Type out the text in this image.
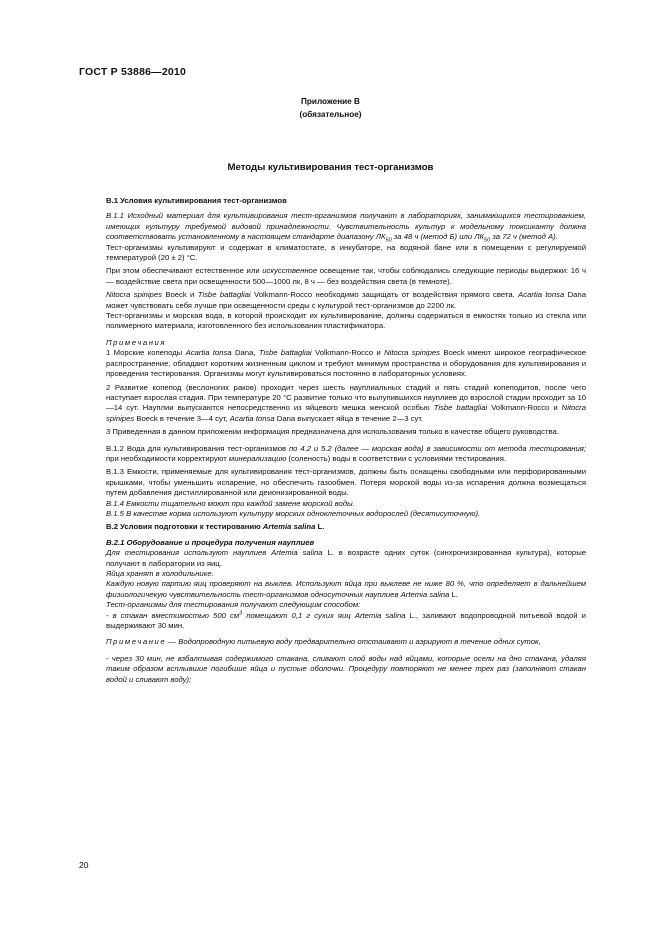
ГОСТ Р 53886—2010
Приложение В
(обязательное)
Методы культивирования тест-организмов

В.1 Условия культивирования тест-организмов

В.1.1 Исходный материал для культивирования тест-организмов получают в лабораториях, занимающихся тестированием, имеющих культуру требуемой видовой принадлежности. Чувствительность культур к модельному токсиканту должна соответствовать установленному в настоящем стандарте диапазону $ЛК_{50}$ за 48 ч (метод Б) или $ЛК_{50}$ за 72 ч (метод А).

Тест-организмы культивируют и содержат в климатостате, в инкубаторе, на водяной бане или в помещении с регулируемой температурой (20 ± 2) °С.

При этом обеспечивают естественное или искусственное освещение так, чтобы соблюдались следующие периоды выдержки: 16 ч — воздействие света при освещенности 500—1000 лк, 8 ч — без воздействия света (в темноте).

Nitocra spinipes Boeck и Tisbe battagliai Volkmann-Rocco необходимо защищать от воздействия прямого света. Acartia tonsa Dana может чувствовать себя лучше при освещенности среды с культурой тест-организмов до 2200 лк.

Тест-организмы и морская вода, в которой происходит их культивирование, должны содержаться в емкостях только из стекла или полимерного материала, изготовленного без использования пластификатора.

Примечания

1 Морские копеподы Acartia tonsa Dana, Tisbe battagliai Volkmann-Rocco и Nitocra spinipes Boeck имеют широкое географическое распространение, обладают коротким жизненным циклом и требуют минимум пространства и оборудования для культивирования и проведения тестирования. Организмы могут культивироваться постоянно в лабораторных условиях.

2 Развитие копепод (веслоногих раков) проходит через шесть науплиальных стадий и пять стадий копеподитов, после чего наступает взрослая стадия. При температуре 20 °С развитие только что вылупившихся науплиев до взрослой стадии проходит за 10—14 сут. Науплии выпускаются непосредственно из яйцевого мешка женской особью Tisbe battagliai Volkmann-Rocco и Nitocra spinipes Boeck в течение 3—4 сут, Acartia tonsa Dana выпускает яйца в течение 2—3 сут.

3 Приведенная в данном приложении информация предназначена для использования только в качестве общего руководства.

В.1.2 Вода для культивирования тест-организмов по 4.2 и 5.2 (далее — морская вода) в зависимости от метода тестирования; при необходимости корректируют минерализацию (соленость) воды в соответствии с условиями тестирования.

В.1.3 Емкости, применяемые для культивирования тест-организмов, должны быть оснащены свободными или перфорированными крышками, чтобы уменьшить испарение, но обеспечить газообмен. Потеря морской воды из-за испарения должна возмещаться путем добавления дистиллированной или деионизированной воды.

В.1.4 Емкости тщательно моют при каждой замене морской воды.

В.1.5 В качестве корма используют культуру морских одноклеточных водорослей (десятисуточную).

В.2 Условия подготовки к тестированию Artemia salina L.

В.2.1 Оборудование и процедура получения науплиев

Для тестирования используют науплиев Artemia salina L. в возрасте одних суток (синхронизированная культура), которые получают в лаборатории из яиц.

Яйца хранят в холодильнике.

Каждую новую партию яиц проверяют на выклев. Используют яйца при выклеве не ниже 80 %, что определяет в дальнейшем физиологичекую чувствительность тест-организмов односуточных науплиев Artemia salina L.

Тест-организмы для тестирования получают следующим способом:

- в стакан вместимостью 500 $см^3$ помещают 0,1 г сухих яиц Artemia salina L., заливают водопроводной питьевой водой и выдерживают 30 мин.

Примечание — Водопроводную питьевую воду предварительно отстаивают и аэрируют в течение одних суток,

- через 30 мин, не взбалтывая содержимого стакана, сливают слой воды над яйцами, которые осели на дно стакана, удаляя таким образом всплывшие погибшие яйца и пустые оболочки. Процедуру повторяют не менее трех раз (заполняют стакан водой и сливают воду);

20
